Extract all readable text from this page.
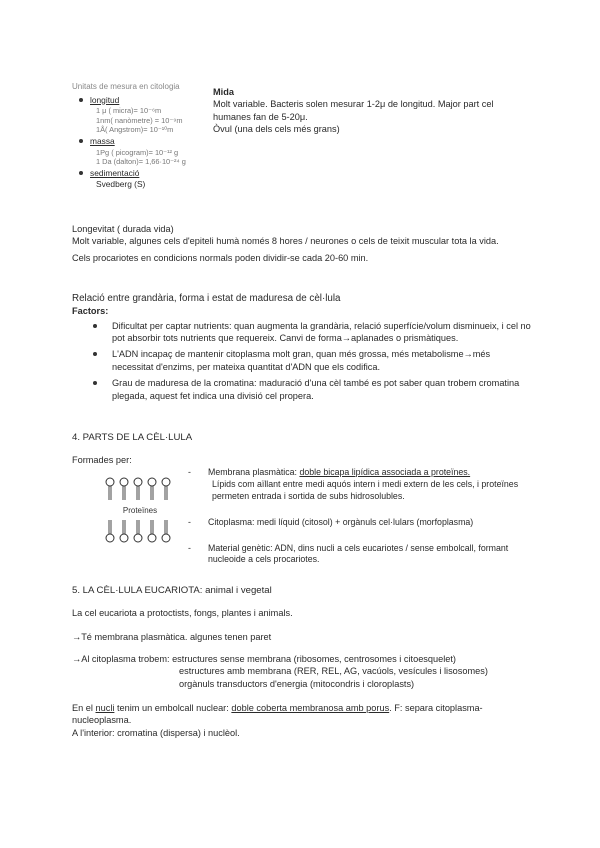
Unitats de mesura en citologia
longitud
1 μ ( micra)= 10⁻⁶m
1nm( nanòmetre) = 10⁻⁹m
1Å( Angstrom)= 10⁻¹⁰m
massa
1Pg ( picogram)= 10⁻¹² g
1 Da (dalton)= 1,66·10⁻²⁴ g
sedimentació
Svedberg (S)
Mida
Molt variable. Bacteris solen mesurar 1-2μ de longitud. Major part cel
humanes fan de 5-20μ.
Òvul (una dels cels més grans)
Longevitat ( durada vida)
Molt variable, algunes cels d'epiteli humà només 8 hores / neurones o cels de teixit muscular tota la vida.
Cels procariotes en condicions normals poden dividir-se cada 20-60 min.
Relació entre grandària, forma i estat de maduresa de cèl·lula
Factors:
Dificultat per captar nutrients: quan augmenta la grandària, relació superfície/volum disminueix, i cel no pot absorbir tots nutrients que requereix. Canvi de forma→aplanades o prismàtiques.
L'ADN incapaç de mantenir citoplasma molt gran, quan més grossa, més metabolisme→més necessitat d'enzims, per mateixa quantitat d'ADN que els codifica.
Grau de maduresa de la cromatina: maduració d'una cèl també es pot saber quan trobem cromatina plegada, aquest fet indica una divisió cel propera.
4. PARTS DE LA CÈL·LULA
Formades per:
Proteïnes
- Membrana plasmàtica: doble bicapa lipídica associada a proteïnes.
Lípids com aïllant entre medi aquós intern i medi extern de les cels, i proteïnes permeten entrada i sortida de subs hidrosolubles.
- Citoplasma: medi líquid (citosol) + orgànuls cel·lulars (morfoplasma)
- Material genètic: ADN, dins nucli a cels eucariotes / sense embolcall, formant nucleoide a cels procariotes.
5. LA CÈL·LULA EUCARIOTA: animal i vegetal
La cel eucariota a protoctists, fongs, plantes i animals.
→Té membrana plasmàtica. algunes tenen paret
→Al citoplasma trobem: estructures sense membrana (ribosomes, centrosomes i citoesquelet)
estructures amb membrana (RER, REL, AG, vacúols, vesícules i lisosomes)
orgànuls transductors d'energia (mitocondris i cloroplasts)
En el nucli tenim un embolcall nuclear: doble coberta membranosa amb porus. F: separa citoplasma-nucleoplasma.
A l'interior: cromatina (dispersa) i nuclèol.
